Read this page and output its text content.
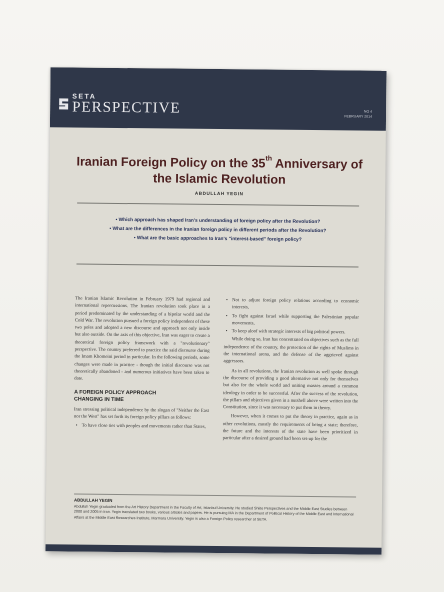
SETA
PERSPECTIVE	NO 4
FEBRUARY 2014
Iranian Foreign Policy on the 35th Anniversary of the Islamic Revolution
ABDULLAH YEGIN
• Which approach has shaped Iran's understanding of foreign policy after the Revolution?
• What are the differences in the Iranian foreign policy in different periods after the Revolution?
• What are the basic approaches to Iran's "interest-based" foreign policy?

The Iranian Islamic Revolution in February 1979 had regional and international repercussions. The Iranian revolution took place in a period predominated by the understanding of a bipolar world and the Cold War. The revolution pursued a foreign policy independent of these two poles and adopted a new discourse and approach not only inside but also outside. On the axis of this objective, Iran was eager to create a theoretical foreign policy framework with a "revolutionary" perspective. The country preferred to practice the said discourse during the Imam Khomeini period in particular. In the following periods, some changes were made in practice - though the initial discourse was not theoretically abandoned - and numerous initiatives have been taken to date.

A FOREIGN POLICY APPROACH
CHANGING IN TIME

Iran stressing political independence by the slogan of "Neither the East nor the West" has set forth its foreign policy pillars as follows:

• To have close ties with peoples and movements rather than States,
• Not to adjust foreign policy relations according to economic interests,
• To fight against Israel while supporting the Palestinian popular movements,
• To keep aloof with strategic interests of big political powers.

While doing so, Iran has concentrated on objectives such as the full independence of the country, the protection of the rights of Muslims in the international arena, and the defense of the aggrieved against aggressors.

As in all revolutions, the Iranian revolution as well spoke through the discourse of providing a good alternative not only for themselves but also for the whole world and uniting masses around a common ideology in order to be successful. After the success of the revolution, the pillars and objectives given in a nutshell above were written into the Constitution, since it was necessary to put them in theory.

However, when it comes to put the theory in practice, again as in other revolutions, mostly the requirements of being a state; therefore, the future and the interests of the state have been prioritized in particular after a desired ground had been set-up for the

ABDULLAH YEGIN
Abdullah Yegin graduated from the Art History Department in the Faculty of Art, Istanbul University. He studied Shiite Perspectives and the Middle East Studies between 2000 and 2005 in Iran. Yegin translated two books, various articles and papers. He is pursuing MA in the Department of Political History of the Middle East and International Affairs at the Middle East Researches Institute, Marmara University. Yegin is also a Foreign Policy researcher at SETA.
